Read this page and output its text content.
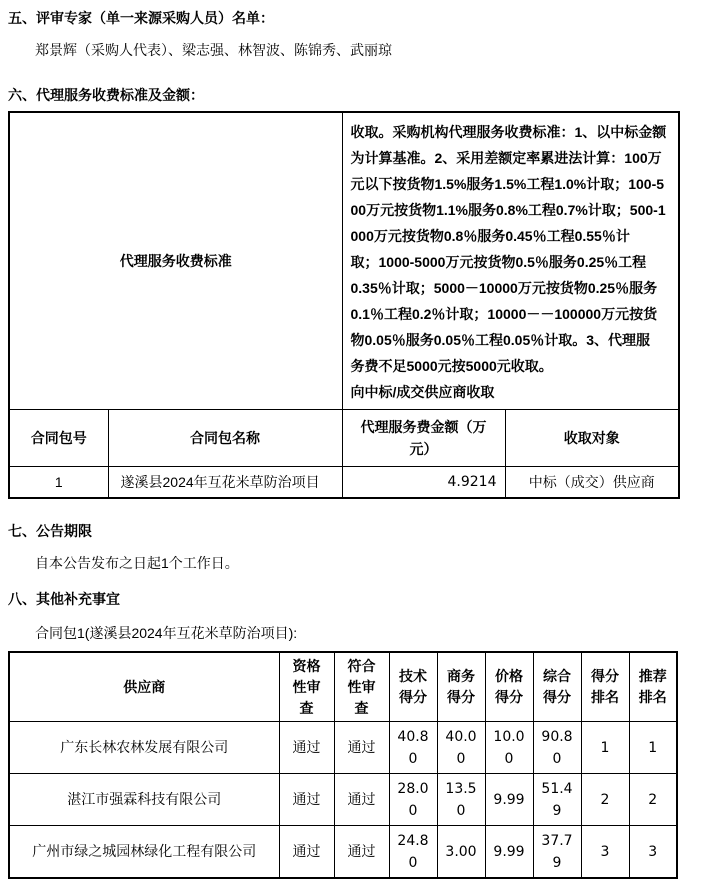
五、评审专家（单一来源采购人员）名单：
郑景辉（采购人代表）、梁志强、林智波、陈锦秀、武丽琼
六、代理服务收费标准及金额：
代理服务收费标准	
收取。采购机构代理服务收费标准：1、以中标金额
为计算基准。2、采用差额定率累进法计算：100万
元以下按货物1.5%服务1.5%工程1.0%计取；100-5
00万元按货物1.1%服务0.8%工程0.7%计取；500-1
000万元按货物0.8％服务0.45％工程0.55％计
取；1000-5000万元按货物0.5％服务0.25％工程
0.35％计取；5000－10000万元按货物0.25％服务
0.1％工程0.2％计取；10000－－100000万元按货
物0.05％服务0.05％工程0.05％计取。3、代理服
务费不足5000元按5000元收取。
向中标/成交供应商收取

合同包号	合同包名称	代理服务费金额（万元）	收取对象
1	遂溪县2024年互花米草防治项目	4.9214	中标（成交）供应商
七、公告期限
自本公告发布之日起1个工作日。
八、其他补充事宜
合同包1(遂溪县2024年互花米草防治项目):
供应商	资格性审查	符合性审查	技术得分	商务得分	价格得分	综合得分	得分排名	推荐排名
广东长林农林发展有限公司	通过	通过	40.80	40.00	10.00	90.80	1	1
湛江市强霖科技有限公司	通过	通过	28.00	13.50	9.99	51.49	2	2
广州市绿之城园林绿化工程有限公司	通过	通过	24.80	3.00	9.99	37.79	3	3
